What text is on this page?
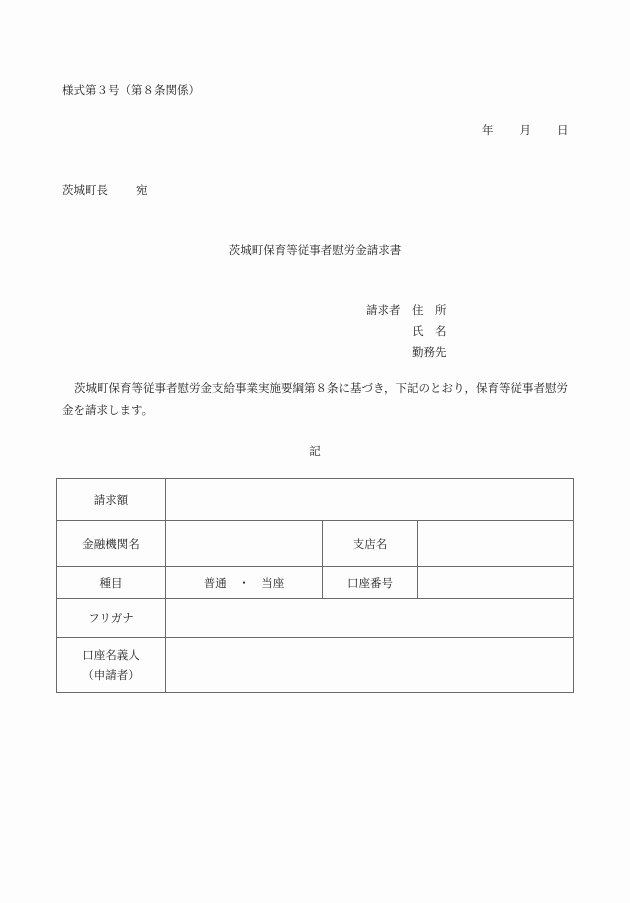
様式第３号（第８条関係）
年 月 日
茨城町長 宛
茨城町保育等従事者慰労金請求書
請求者 住　所
氏　名
勤務先
茨城町保育等従事者慰労金支給事業実施要綱第８条に基づき，下記のとおり，保育等従事者慰労金を請求します。
記
請求額			
金融機関名		支店名	
種目	普通　・　当座	口座番号	
フリガナ			

口座名義人
（申請者）			
